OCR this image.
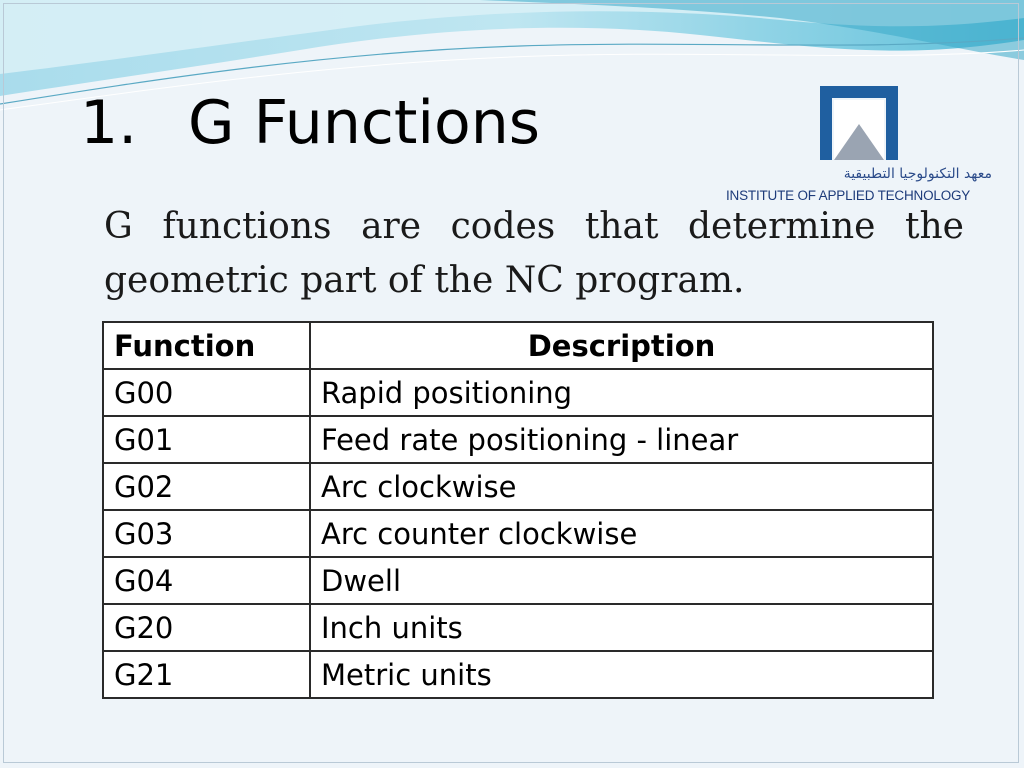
1. G Functions
معهد التكنولوجيا التطبيقية
INSTITUTE OF APPLIED TECHNOLOGY

G functions are codes that determine the geometric part of the NC program.

Function	Description
G00	Rapid positioning
G01	Feed rate positioning - linear
G02	Arc clockwise
G03	Arc counter clockwise
G04	Dwell
G20	Inch units
G21	Metric units
